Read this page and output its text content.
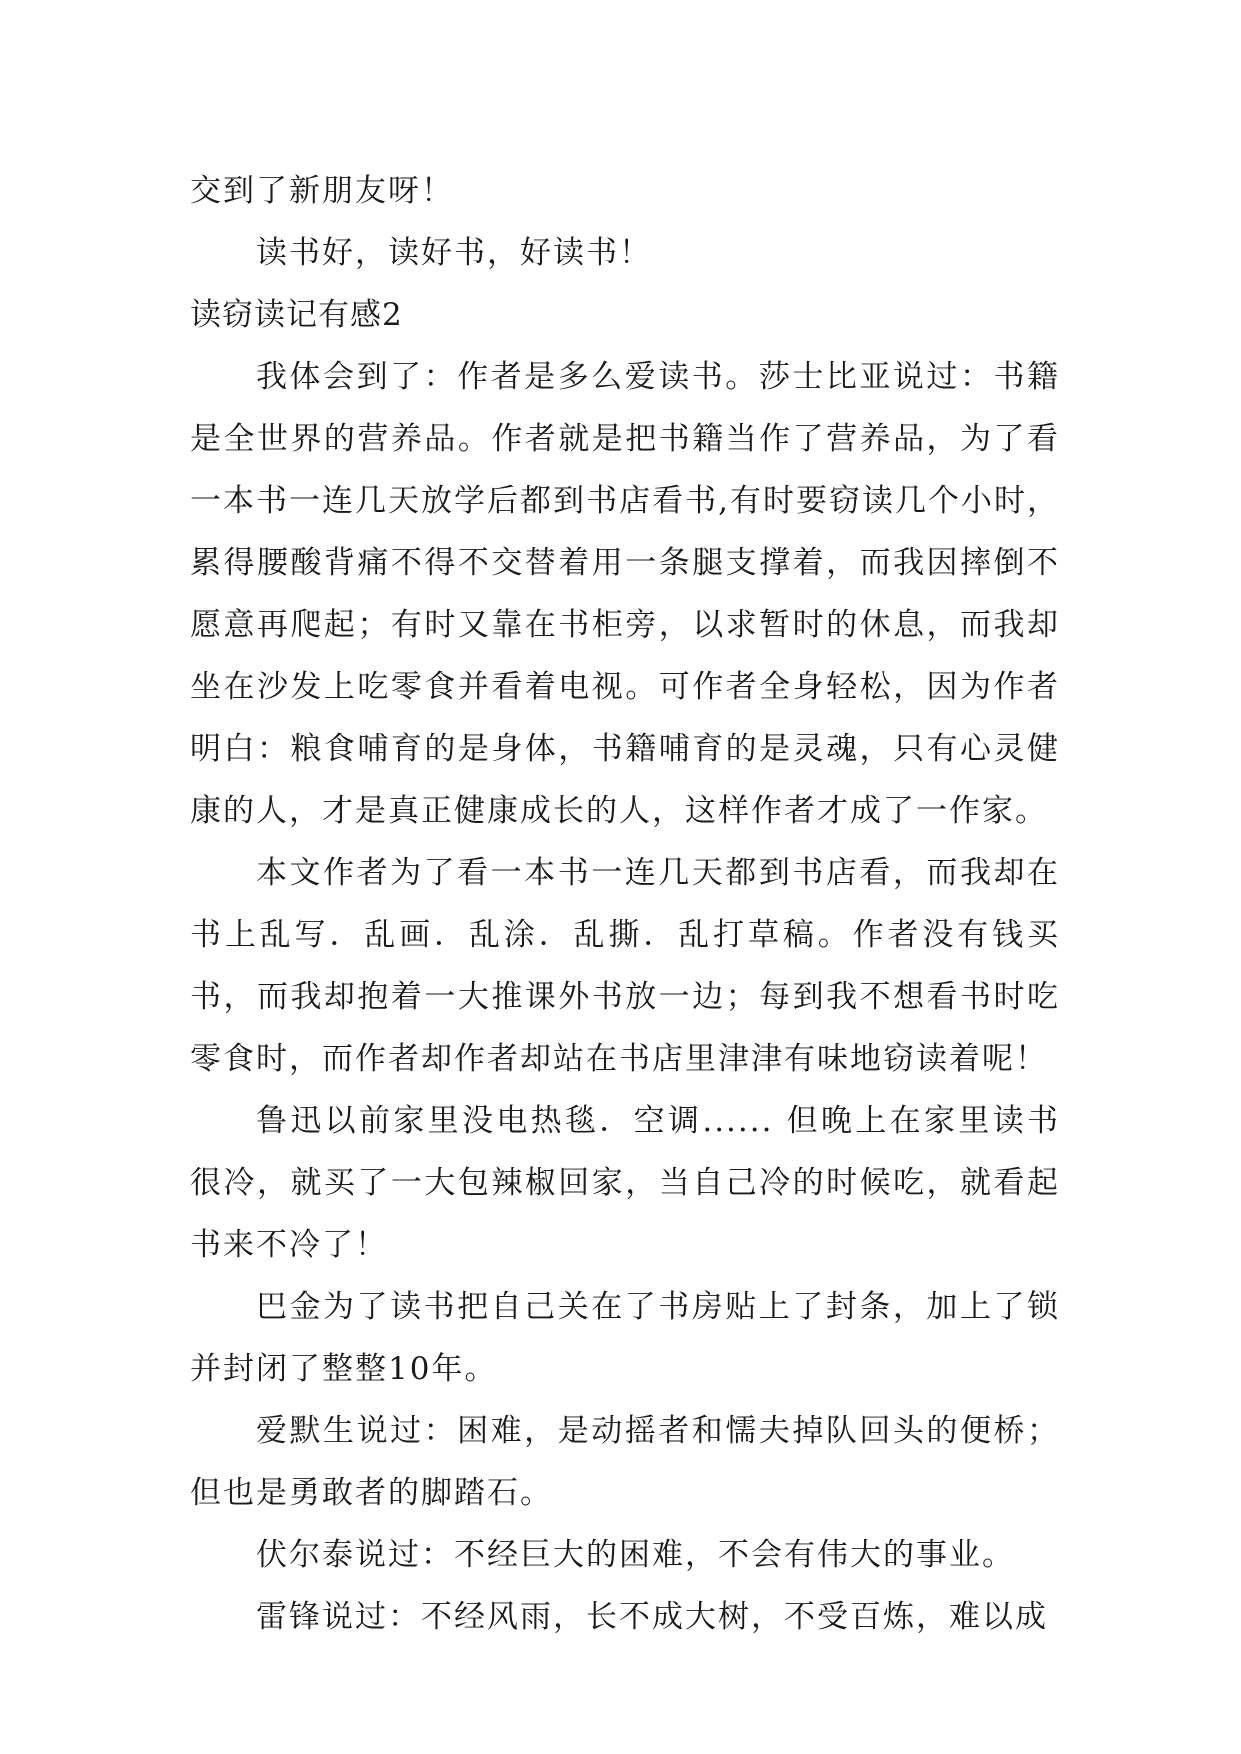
交到了新朋友呀！

读书好，读好书，好读书！

读窃读记有感2

我体会到了：作者是多么爱读书。莎士比亚说过：书籍是全世界的营养品。作者就是把书籍当作了营养品，为了看一本书一连几天放学后都到书店看书,有时要窃读几个小时，累得腰酸背痛不得不交替着用一条腿支撑着，而我因摔倒不愿意再爬起；有时又靠在书柜旁，以求暂时的休息，而我却坐在沙发上吃零食并看着电视。可作者全身轻松，因为作者明白：粮食哺育的是身体，书籍哺育的是灵魂，只有心灵健康的人，才是真正健康成长的人，这样作者才成了一作家。

本文作者为了看一本书一连几天都到书店看，而我却在书上乱写．乱画．乱涂．乱撕．乱打草稿。作者没有钱买书，而我却抱着一大推课外书放一边；每到我不想看书时吃零食时，而作者却作者却站在书店里津津有味地窃读着呢！

鲁迅以前家里没电热毯．空调...... 但晚上在家里读书很冷，就买了一大包辣椒回家，当自己冷的时候吃，就看起书来不冷了！

巴金为了读书把自己关在了书房贴上了封条，加上了锁并封闭了整整10年。

爱默生说过：困难，是动摇者和懦夫掉队回头的便桥；但也是勇敢者的脚踏石。

伏尔泰说过：不经巨大的困难，不会有伟大的事业。

雷锋说过：不经风雨，长不成大树，不受百炼，难以成
